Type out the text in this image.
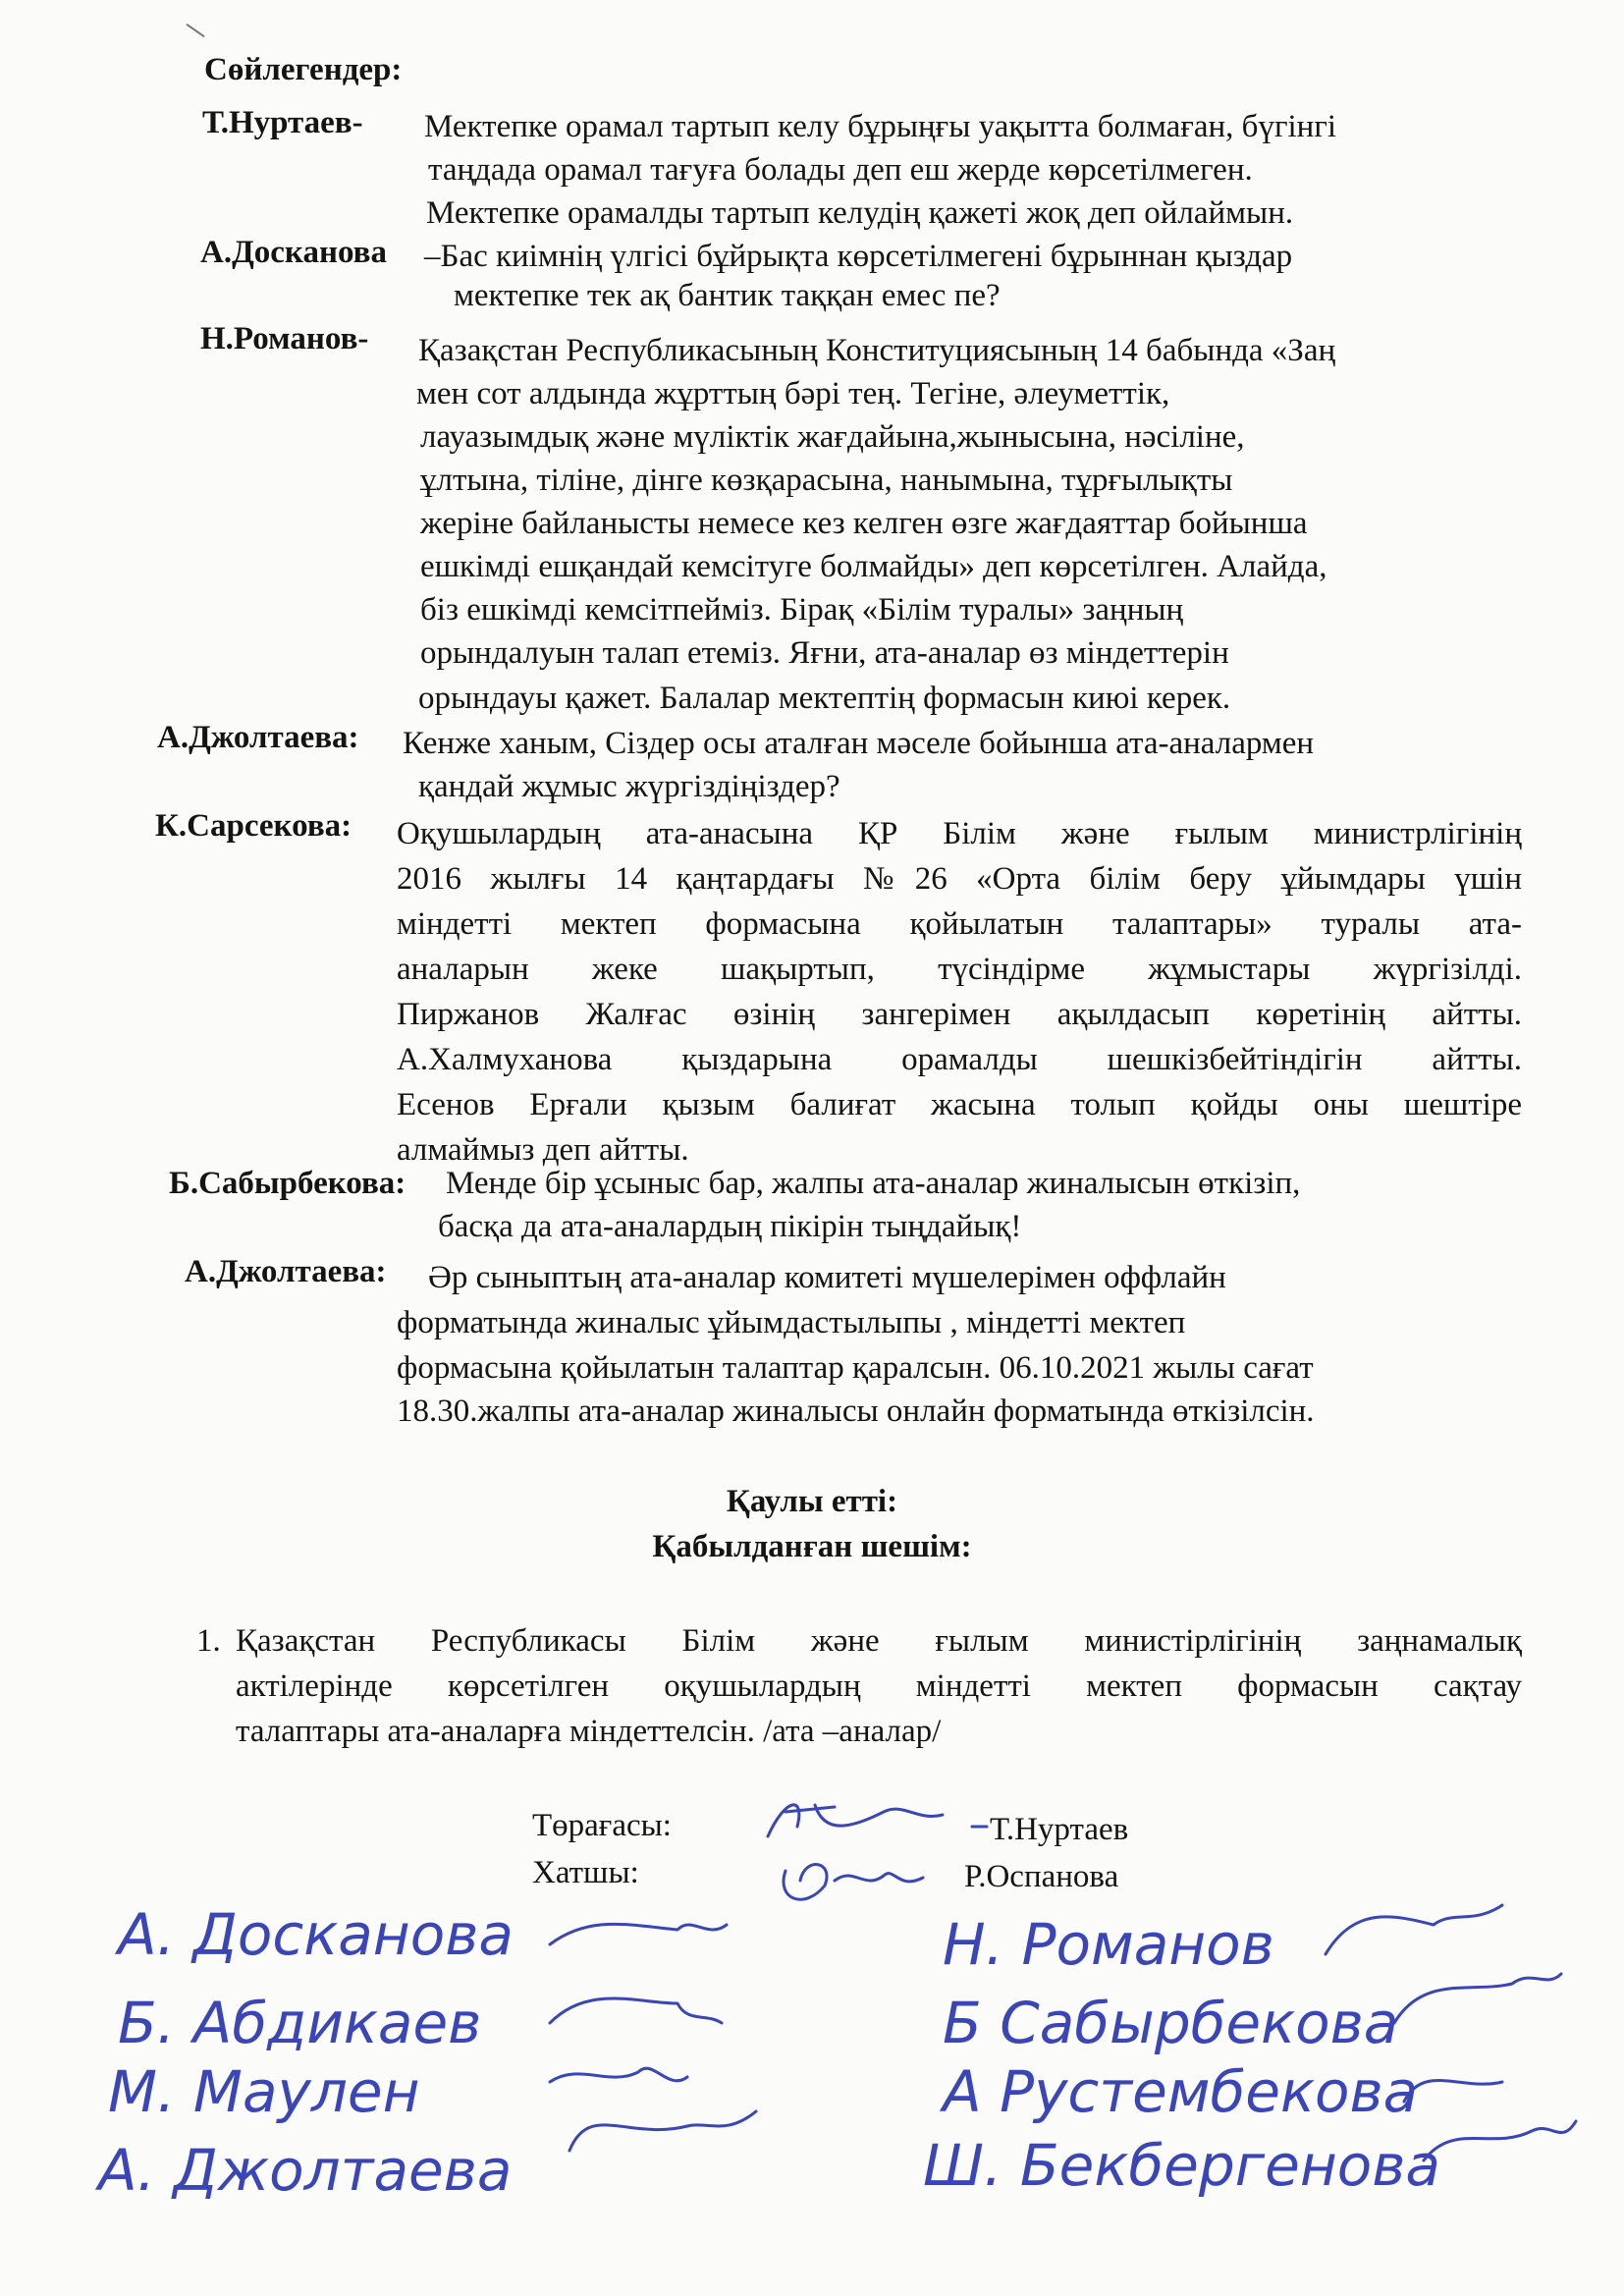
Сөйлегендер:
Т.Нуртаев- Мектепке орамал тартып келу бұрыңғы уақытта болмаған, бүгінгі
таңдада орамал тағуға болады деп еш жерде көрсетілмеген.
Мектепке орамалды тартып келудің қажеті жоқ деп ойлаймын.
А.Досканова –Бас киімнің үлгісі бұйрықта көрсетілмегені бұрыннан қыздар
мектепке тек ақ бантик таққан емес пе?
Н.Романов- Қазақстан Республикасының Конституциясының 14 бабында «Заң
мен сот алдында жұрттың бәрі тең. Тегіне, әлеуметтік,
лауазымдық және мүліктік жағдайына,жынысына, нәсіліне,
ұлтына, тіліне, дінге көзқарасына, нанымына, тұрғылықты
жеріне байланысты немесе кез келген өзге жағдаяттар бойынша
ешкімді ешқандай кемсітуге болмайды» деп көрсетілген. Алайда,
біз ешкімді кемсітпейміз. Бірақ «Білім туралы» заңның
орындалуын талап етеміз. Яғни, ата-аналар өз міндеттерін
орындауы қажет. Балалар мектептің формасын киюі керек.
А.Джолтаева: Кенже ханым, Сіздер осы аталған мәселе бойынша ата-аналармен
қандай жұмыс жүргіздіңіздер?
К.Сарсекова: Оқушылардың ата-анасына ҚР Білім және ғылым министрлігінің
2016 жылғы 14 қаңтардағы №26 «Орта білім беру ұйымдары үшін
міндетті мектеп формасына қойылатын талаптары» туралы ата-
аналарын жеке шақыртып, түсіндірме жұмыстары жүргізілді.
Пиржанов Жалғас өзінің зангерімен ақылдасып көретінің айтты.
А.Халмуханова қыздарына орамалды шешкізбейтіндігін айтты.
Есенов Ерғали қызым балиғат жасына толып қойды оны шештіре
алмаймыз деп айтты.
Б.Сабырбекова: Менде бір ұсыныс бар, жалпы ата-аналар жиналысын өткізіп,
басқа да ата-аналардың пікірін тыңдайық!
А.Джолтаева: Әр сыныптың ата-аналар комитеті мүшелерімен оффлайн
форматында жиналыс ұйымдастылыпы , міндетті мектеп
формасына қойылатын талаптар қаралсын. 06.10.2021 жылы сағат
18.30.жалпы ата-аналар жиналысы онлайн форматында өткізілсін.
Қаулы етті:
Қабылданған шешім:
1. Қазақстан Республикасы Білім және ғылым министірлігінің заңнамалық
актілерінде көрсетілген оқушылардың міндетті мектеп формасын сақтау
талаптары ата-аналарға міндеттелсін. /ата –аналар/
Төрағасы:	Т.Нуртаев
Хатшы:	Р.Оспанова
А. Досканова
Б. Абдикаев
М. Маулен
А. Джолтаева
Н. Романов
Б Сабырбекова
А Рустембекова
Ш. Бекбергенова
